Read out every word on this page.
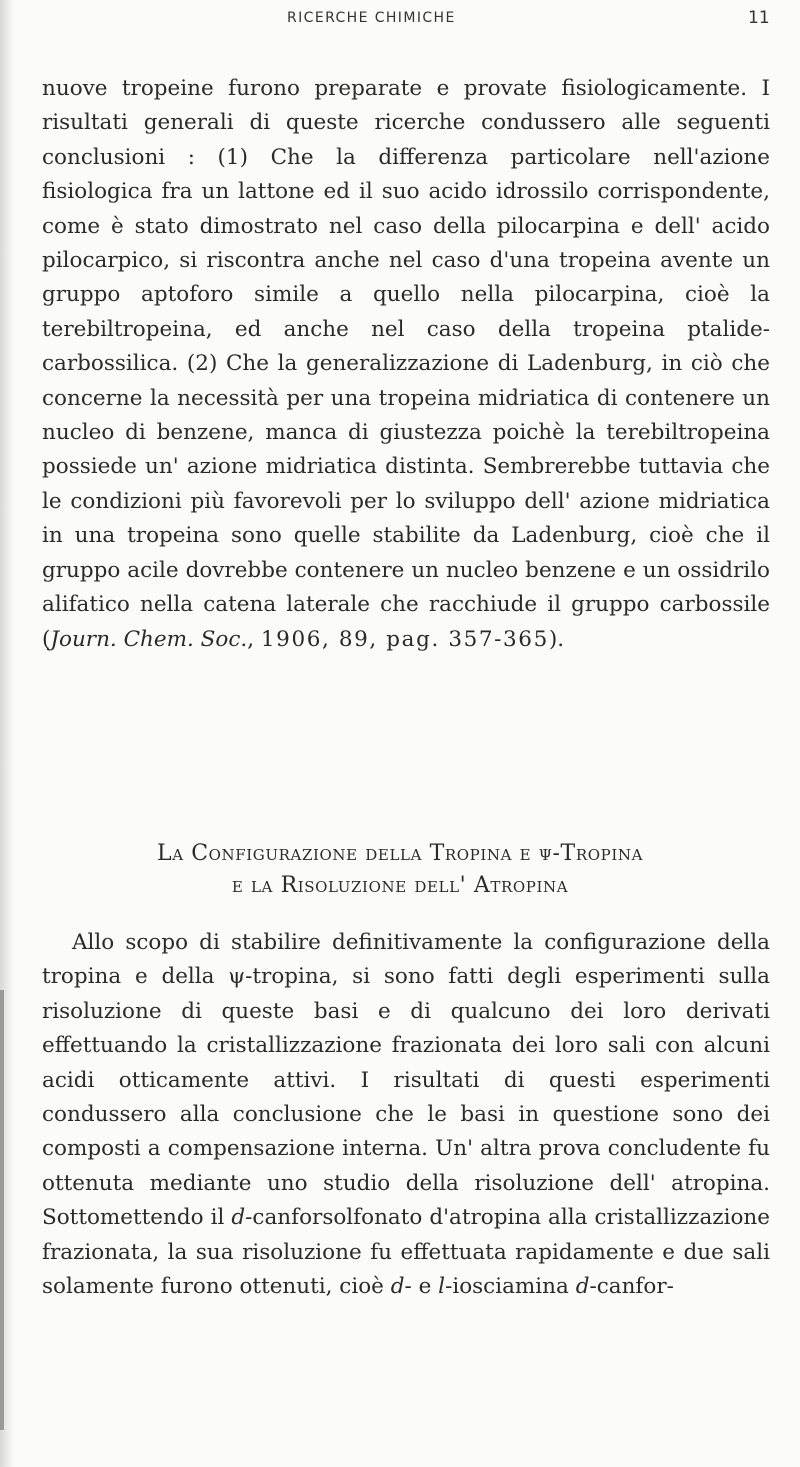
RICERCHE CHIMICHE	11

nuove tropeine furono preparate e provate fisiologicamente. I risultati generali di queste ricerche condussero alle seguenti conclusioni : (1) Che la differenza particolare nell'azione fisiologica fra un lattone ed il suo acido idrossilo corrispondente, come è stato dimostrato nel caso della pilocarpina e dell' acido pilocarpico, si riscontra anche nel caso d'una tropeina avente un gruppo aptoforo simile a quello nella pilocarpina, cioè la terebiltropeina, ed anche nel caso della tropeina ptalide-carbossilica. (2) Che la generalizzazione di Ladenburg, in ciò che concerne la necessità per una tropeina midriatica di contenere un nucleo di benzene, manca di giustezza poichè la terebiltropeina possiede un' azione midriatica distinta. Sembrerebbe tuttavia che le condizioni più favorevoli per lo sviluppo dell' azione midriatica in una tropeina sono quelle stabilite da Ladenburg, cioè che il gruppo acile dovrebbe contenere un nucleo benzene e un ossidrilo alifatico nella catena laterale che racchiude il gruppo carbossile (Journ. Chem. Soc., 1906, 89, pag. 357-365).

La Configurazione della Tropina e ψ-Tropina
e la Risoluzione dell' Atropina

Allo scopo di stabilire definitivamente la configurazione della tropina e della ψ-tropina, si sono fatti degli esperimenti sulla risoluzione di queste basi e di qualcuno dei loro derivati effettuando la cristallizzazione frazionata dei loro sali con alcuni acidi otticamente attivi. I risultati di questi esperimenti condussero alla conclusione che le basi in questione sono dei composti a compensazione interna. Un' altra prova concludente fu ottenuta mediante uno studio della risoluzione dell' atropina. Sottomettendo il d-canforsolfonato d'atropina alla cristallizzazione frazionata, la sua risoluzione fu effettuata rapidamente e due sali solamente furono ottenuti, cioè d- e l-iosciamina d-canfor-
